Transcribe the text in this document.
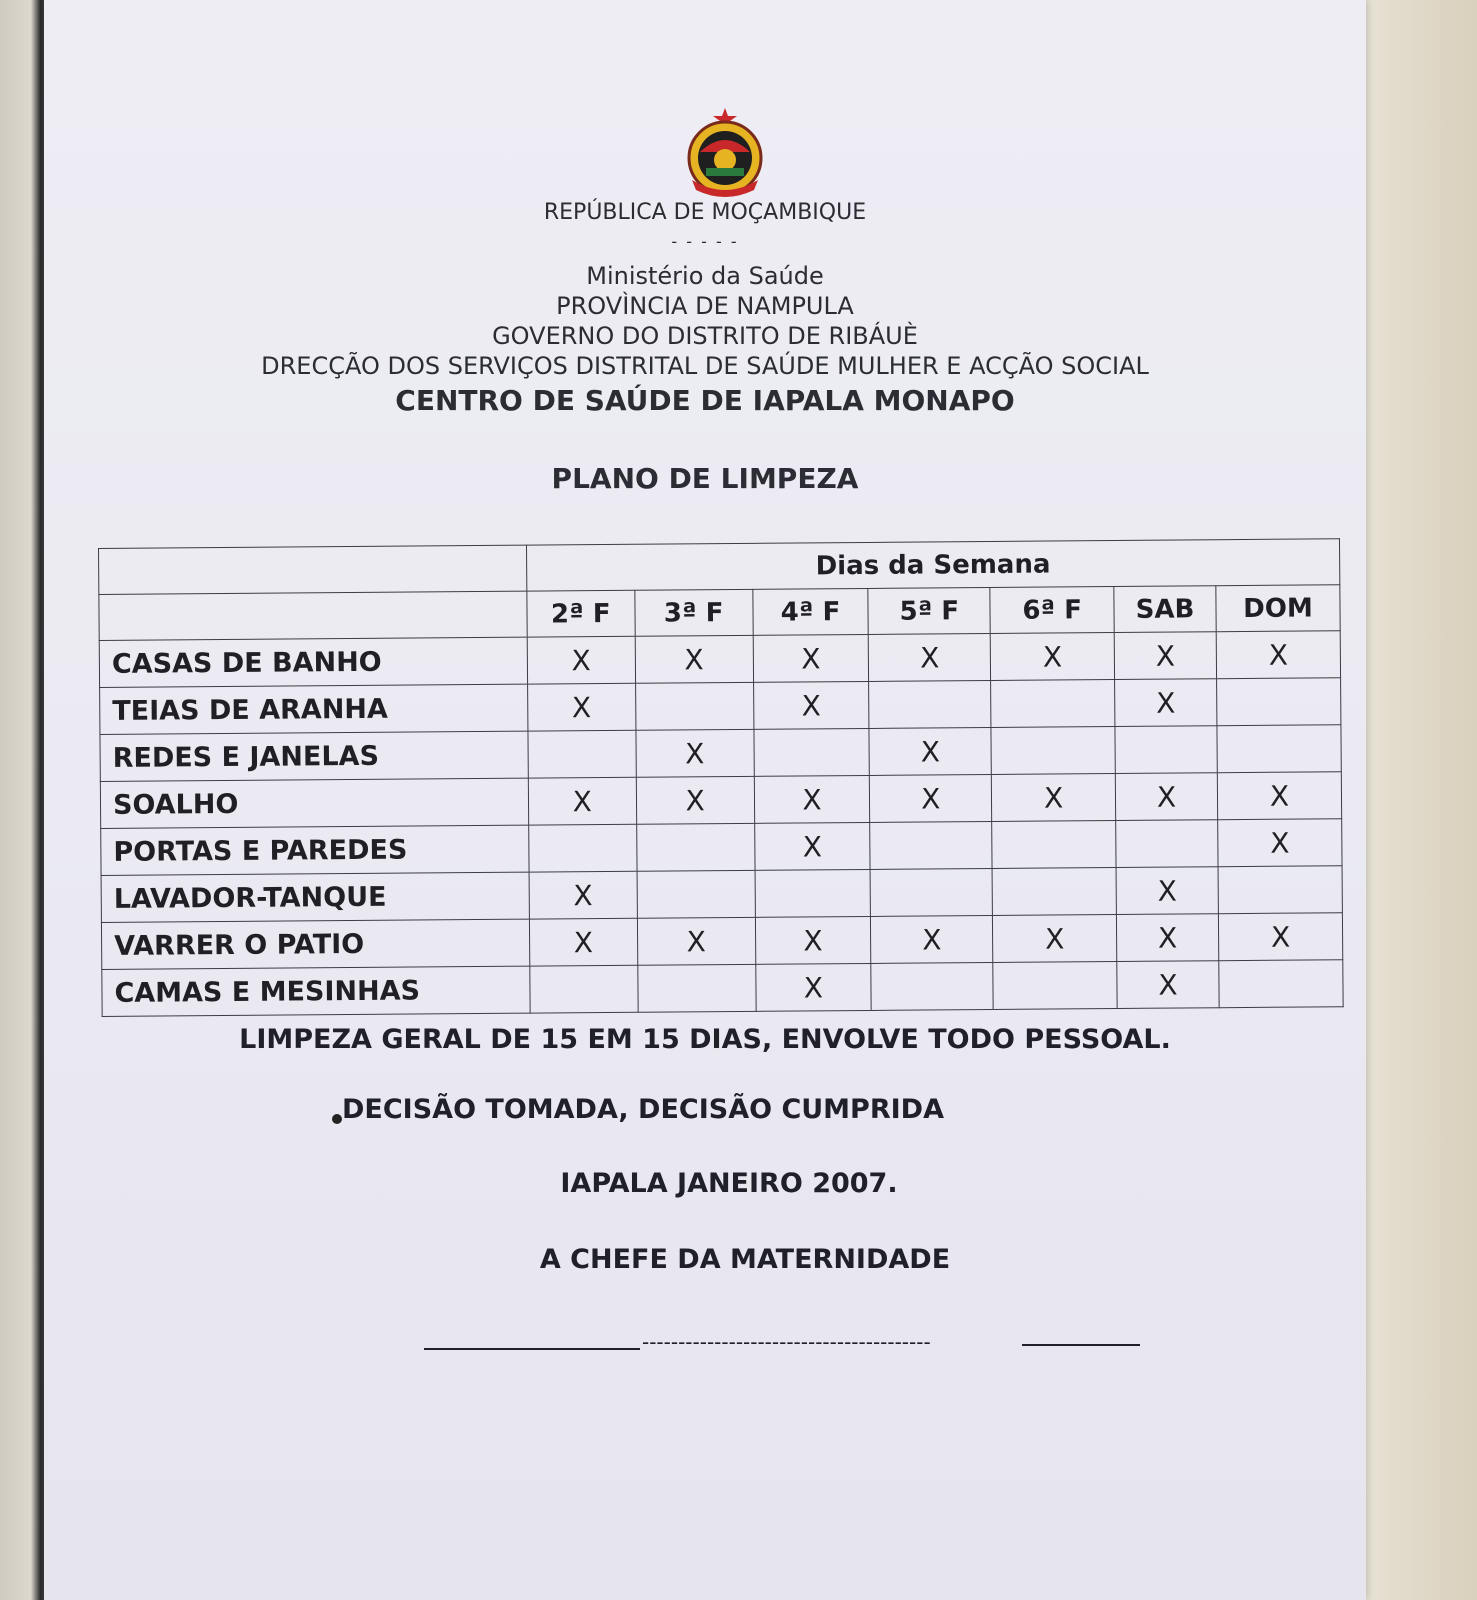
REPÚBLICA DE MOÇAMBIQUE
- - - - -
Ministério da Saúde
PROVÌNCIA DE NAMPULA
GOVERNO DO DISTRITO DE RIBÁUÈ
DRECÇÃO DOS SERVIÇOS DISTRITAL DE SAÚDE MULHER E ACÇÃO SOCIAL
CENTRO DE SAÚDE DE IAPALA MONAPO
PLANO DE LIMPEZA
	Dias da Semana						
	2ª F	3ª F	4ª F	5ª F	6ª F	SAB	DOM
CASAS DE BANHO	X	X	X	X	X	X	X
TEIAS DE ARANHA	X		X			X	
REDES E JANELAS		X		X			
SOALHO	X	X	X	X	X	X	X
PORTAS E PAREDES			X				X
LAVADOR-TANQUE	X					X	
VARRER O PATIO	X	X	X	X	X	X	X
CAMAS E MESINHAS			X			X	
LIMPEZA GERAL DE 15 EM 15 DIAS, ENVOLVE TODO PESSOAL.
DECISÃO TOMADA, DECISÃO CUMPRIDA
IAPALA JANEIRO 2007.
A CHEFE DA MATERNIDADE
----------------------------------------
